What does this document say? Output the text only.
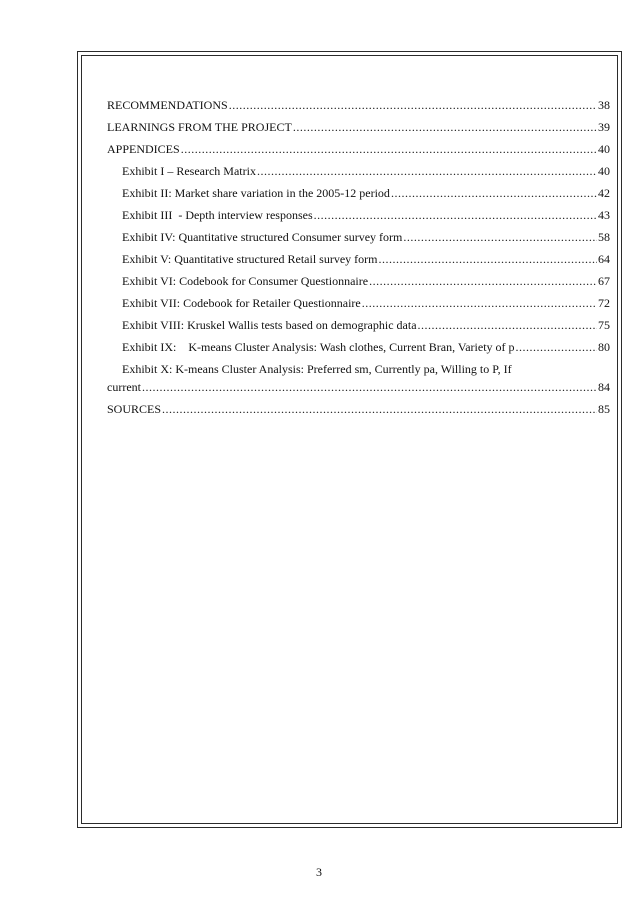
RECOMMENDATIONS .....	38
LEARNINGS FROM THE PROJECT .....	39
APPENDICES .....	40
Exhibit I – Research Matrix .....	40
Exhibit II: Market share variation in the 2005-12 period .....	42
Exhibit III  - Depth interview responses .....	43
Exhibit IV: Quantitative structured Consumer survey form .....	58
Exhibit V: Quantitative structured Retail survey form .....	64
Exhibit VI: Codebook for Consumer Questionnaire .....	67
Exhibit VII: Codebook for Retailer Questionnaire .....	72
Exhibit VIII: Kruskel Wallis tests based on demographic data .....	75
Exhibit IX:    K-means Cluster Analysis: Wash clothes, Current Bran, Variety of p .....	80
Exhibit X: K-means Cluster Analysis: Preferred sm, Currently pa, Willing to P, If
current .....	84
SOURCES .....	85
3
